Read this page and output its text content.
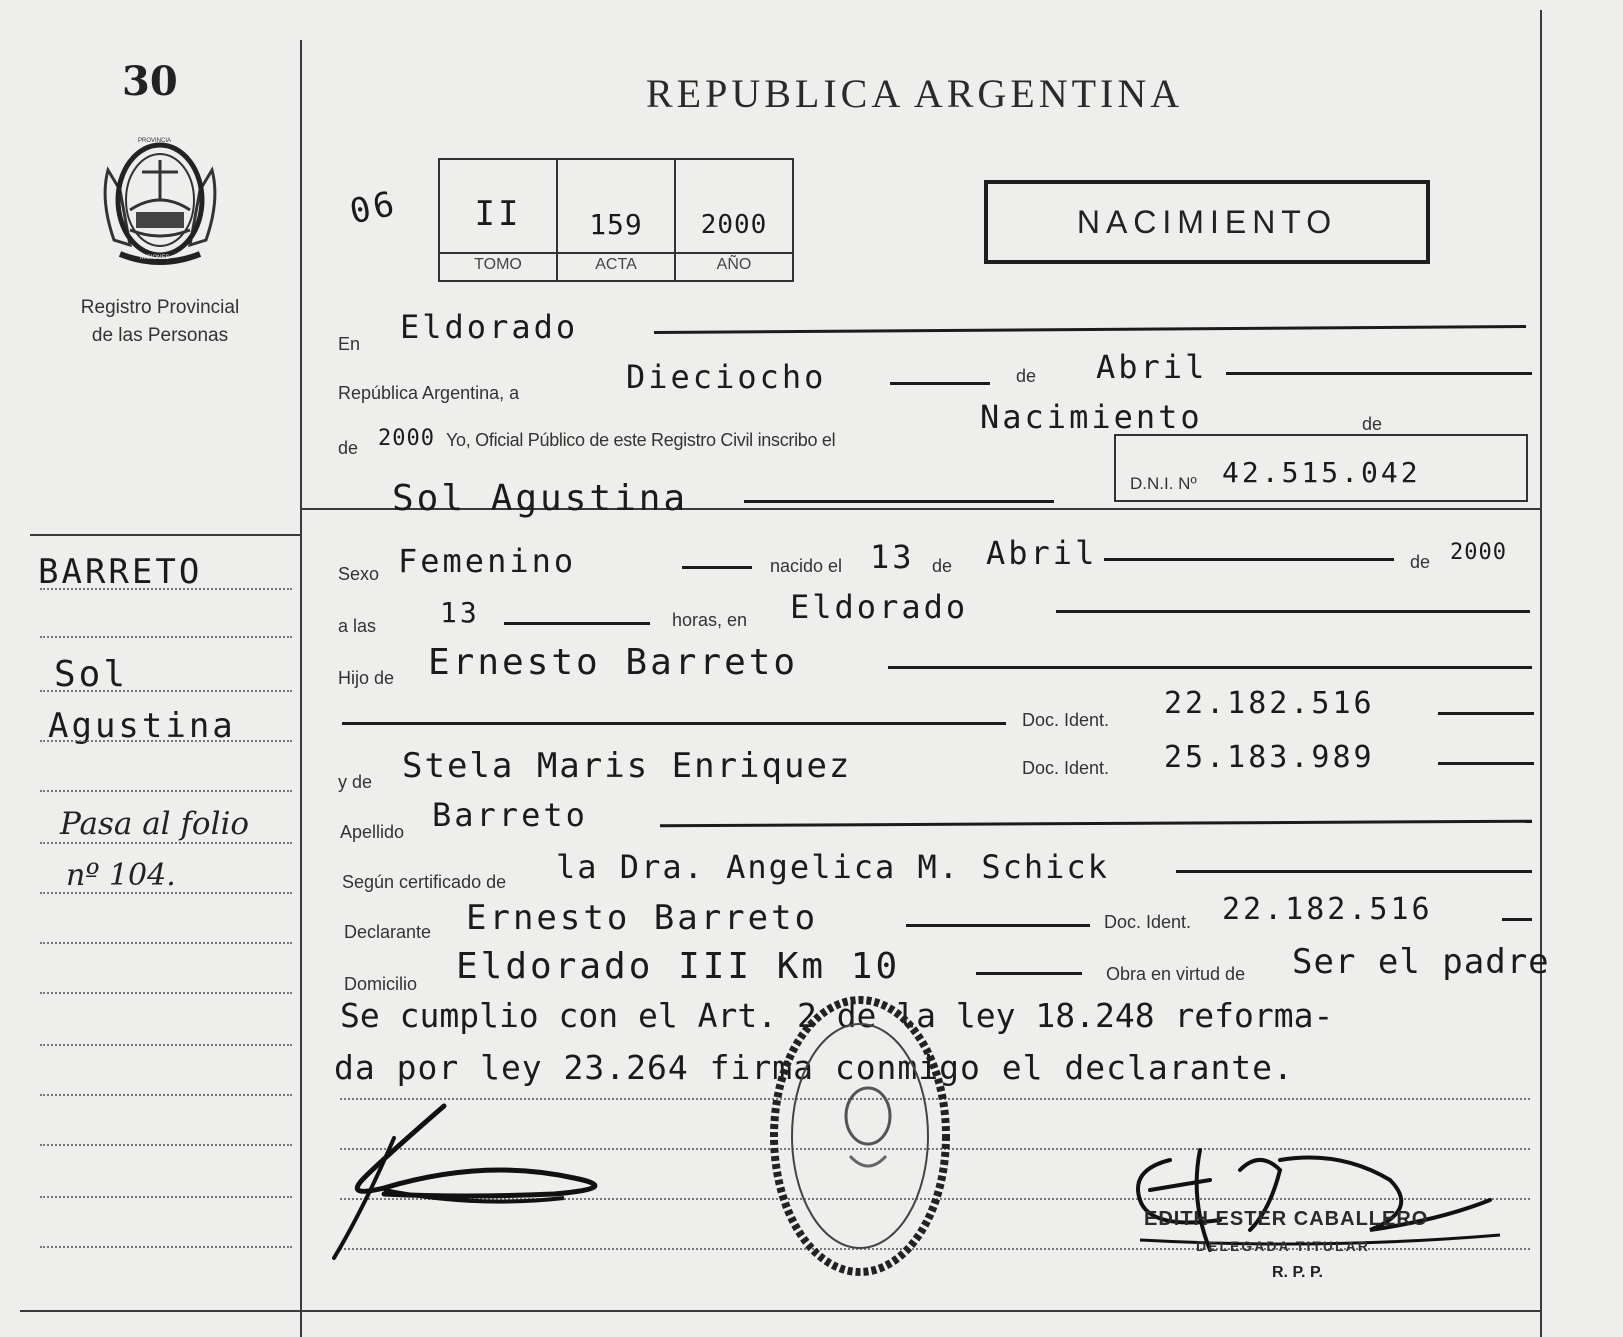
30
PROVINCIA
MISIONES
Registro Provincial
de las Personas
REPUBLICA ARGENTINA
06	II	159	2000
TOMO	ACTA	AÑO
NACIMIENTO
En Eldorado
República Argentina, a	Dieciocho	de Abril
de 2000 Yo, Oficial Público de este Registro Civil inscribo el
Nacimiento	de
Sol Agustina	D.N.I. Nº 42.515.042
BARRETO
Sol
Agustina
Pasa al folio
nº 104.
Sexo Femenino	nacido el 13 de Abril	de 2000
a las 13	horas, en Eldorado
Hijo de Ernesto Barreto
Doc. Ident. 22.182.516
y de Stela Maris Enriquez	Doc. Ident. 25.183.989
Apellido Barreto
Según certificado de la Dra. Angelica M. Schick
Declarante Ernesto Barreto	Doc. Ident. 22.182.516
Domicilio Eldorado III Km 10	Obra en virtud de Ser el padre
Se cumplio con el Art. 2 de la ley 18.248 reforma-
da por ley 23.264 firma conmigo el declarante.
EDITH ESTER CABALLERO
DELEGADA TITULAR
R. P. P.
